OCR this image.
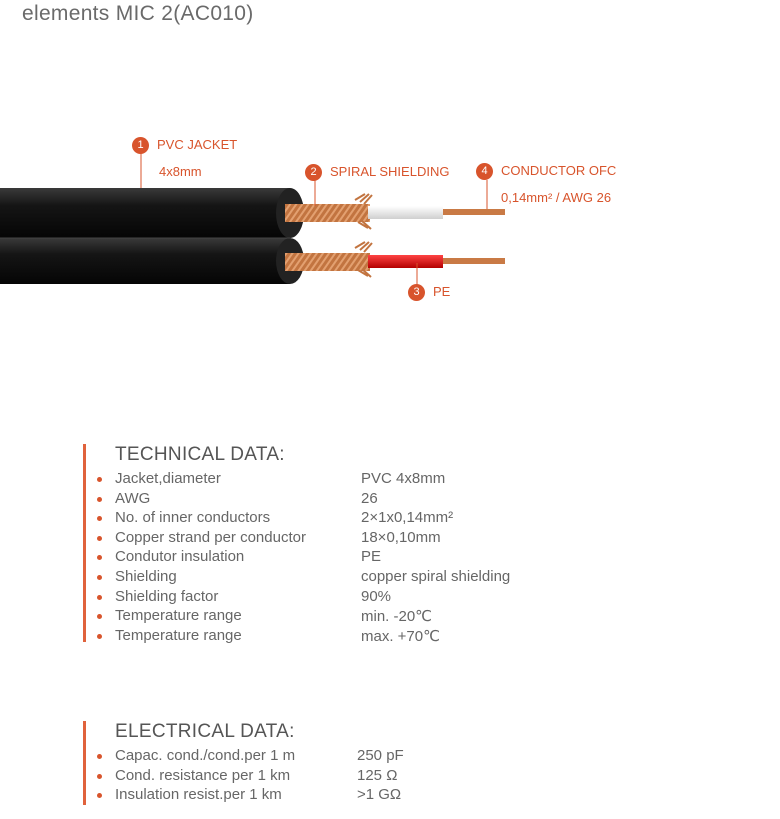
elements MIC 2(AC010)
1 PVC JACKET
4x8mm	2 SPIRAL SHIELDING
3 PE
4 CONDUCTOR OFC
0,14mm² / AWG 26
TECHNICAL DATA:
Jacket,diameter	PVC 4x8mm
AWG	26
No. of inner conductors	2×1x0,14mm²
Copper strand per conductor	18×0,10mm
Condutor insulation	PE
Shielding	copper spiral shielding
Shielding factor	90%
Temperature range	min. -20℃
Temperature range	max. +70℃
ELECTRICAL DATA:
Capac. cond./cond.per 1 m	250 pF
Cond. resistance per 1 km	125 Ω
Insulation resist.per 1 km	>1 GΩ
